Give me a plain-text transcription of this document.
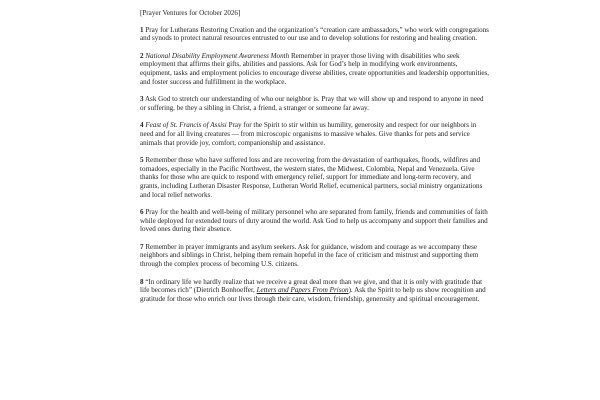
[Prayer Ventures for October 2026]

1 Pray for Lutherans Restoring Creation and the organization’s “creation care ambassadors,” who work with congregations and synods to protect natural resources entrusted to our use and to develop solutions for restoring and healing creation.

2 National Disability Employment Awareness Month Remember in prayer those living with disabilities who seek employment that affirms their gifts, abilities and passions. Ask for God’s help in modifying work environments, equipment, tasks and employment policies to encourage diverse abilities, create opportunities and leadership opportunities, and foster success and fulfillment in the workplace.

3 Ask God to stretch our understanding of who our neighbor is. Pray that we will show up and respond to anyone in need or suffering, be they a sibling in Christ, a friend, a stranger or someone far away.

4 Feast of St. Francis of Assisi Pray for the Spirit to stir within us humility, generosity and respect for our neighbors in need and for all living creatures — from microscopic organisms to massive whales. Give thanks for pets and service animals that provide joy, comfort, companionship and assistance.

5 Remember those who have suffered loss and are recovering from the devastation of earthquakes, floods, wildfires and tornadoes, especially in the Pacific Northwest, the western states, the Midwest, Colombia, Nepal and Venezuela. Give thanks for those who are quick to respond with emergency relief, support for immediate and long-term recovery, and grants, including Lutheran Disaster Response, Lutheran World Relief, ecumenical partners, social ministry organizations and local relief networks.

6 Pray for the health and well-being of military personnel who are separated from family, friends and communities of faith while deployed for extended tours of duty around the world. Ask God to help us accompany and support their families and loved ones during their absence.

7 Remember in prayer immigrants and asylum seekers. Ask for guidance, wisdom and courage as we accompany these neighbors and siblings in Christ, helping them remain hopeful in the face of criticism and mistrust and supporting them through the complex process of becoming U.S. citizens.

8 “In ordinary life we hardly realize that we receive a great deal more than we give, and that it is only with gratitude that life becomes rich” (Dietrich Bonhoeffer, Letters and Papers From Prison). Ask the Spirit to help us show recognition and gratitude for those who enrich our lives through their care, wisdom, friendship, generosity and spiritual encouragement.
